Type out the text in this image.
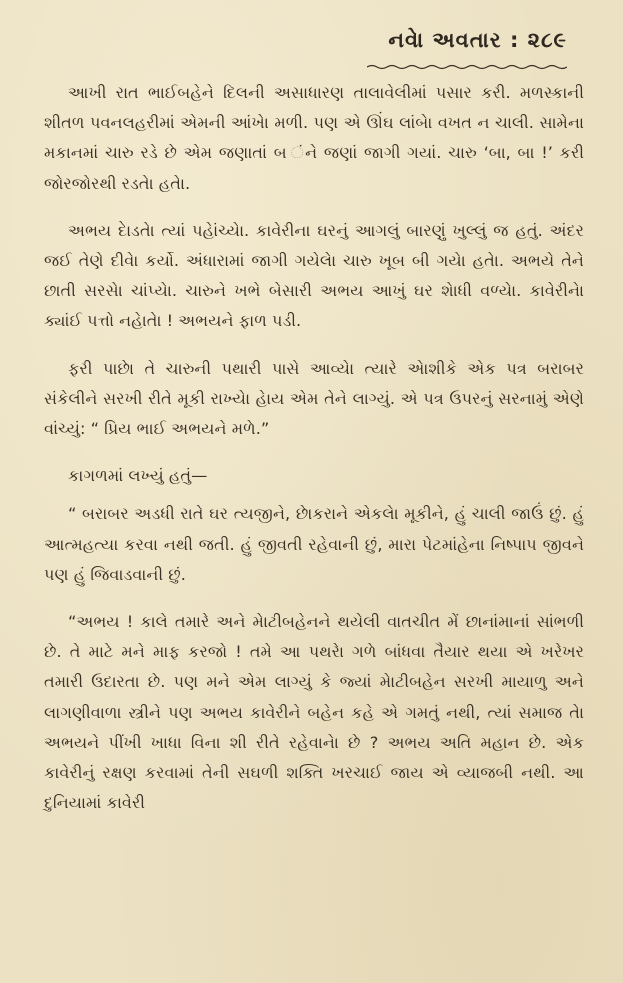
નવેા અવતાર : ૨૮૯

આખી રાત ભાઈબહેને દિલની અસાધારણ તાલાવેલીમાં પસાર કરી. મળસ્કાની શીતળ પવનલહરીમાં એમની આંખેા મળી. પણ એ ઊંઘ લાંબેા વખત ન ચાલી. સામેના મકાનમાં ચારુ રડે છે એમ જણાતાં બ ંને જણાં જાગી ગયાં. ચારુ ‘બા, બા !’ કરી જોરજોરથી રડતેા હતેા.

અભય દેાડતેા ત્યાં પહેાંચ્યેા. કાવેરીના ઘરનું આગલું બારણું ખુલ્લું જ હતું. અંદર જઈ તેણે દીવેા કર્યો. અંધારામાં જાગી ગયેલેા ચારુ ખૂબ બી ગયેા હતેા. અભયે તેને છાતી સરસેા ચાંપ્યેા. ચારુને ખભે બેસારી અભય આખું ઘર શેાધી વળ્યેા. કાવેરીનેા ક્યાંઈ પત્તો નહેાતેા ! અભયને ફાળ પડી.

ફરી પાછેા તે ચારુની પથારી પાસે આવ્યેા ત્યારે એાશીકે એક પત્ર બરાબર સંકેલીને સરખી રીતે મૂકી રાખ્યેા હેાય એમ તેને લાગ્યું. એ પત્ર ઉપરનું સરનામું એણે વાંચ્યું: “ પ્રિય ભાઈ અભયને મળે.”

કાગળમાં લખ્યું હતું—

“ બરાબર અડધી રાતે ઘર ત્યજીને, છેાકરાને એકલેા મૂકીને, હું ચાલી જાઉં છું. હું આત્મહત્યા કરવા નથી જતી. હું જીવતી રહેવાની છું, મારા પેટમાંહેના નિષ્પાપ જીવને પણ હું જિવાડવાની છું.

“અભય ! કાલે તમારે અને મેાટીબહેનને થયેલી વાતચીત મેં છાનાંમાનાં સાંભળી છે. તે માટે મને માફ કરજો ! તમે આ પથરેા ગળે બાંધવા તૈયાર થયા એ ખરેખર તમારી ઉદારતા છે. પણ મને એમ લાગ્યું કે જ્યાં મેાટીબહેન સરખી માયાળુ અને લાગણીવાળા સ્ત્રીને પણ અભય કાવેરીને બહેન કહે એ ગમતું નથી, ત્યાં સમાજ તેા અભયને પીંખી ખાધા વિના શી રીતે રહેવાનેા છે ? અભય અતિ મહાન છે. એક કાવેરીનું રક્ષણ કરવામાં તેની સઘળી શક્તિ ખરચાઈ જાય એ વ્યાજબી નથી. આ દુનિયામાં કાવેરી
